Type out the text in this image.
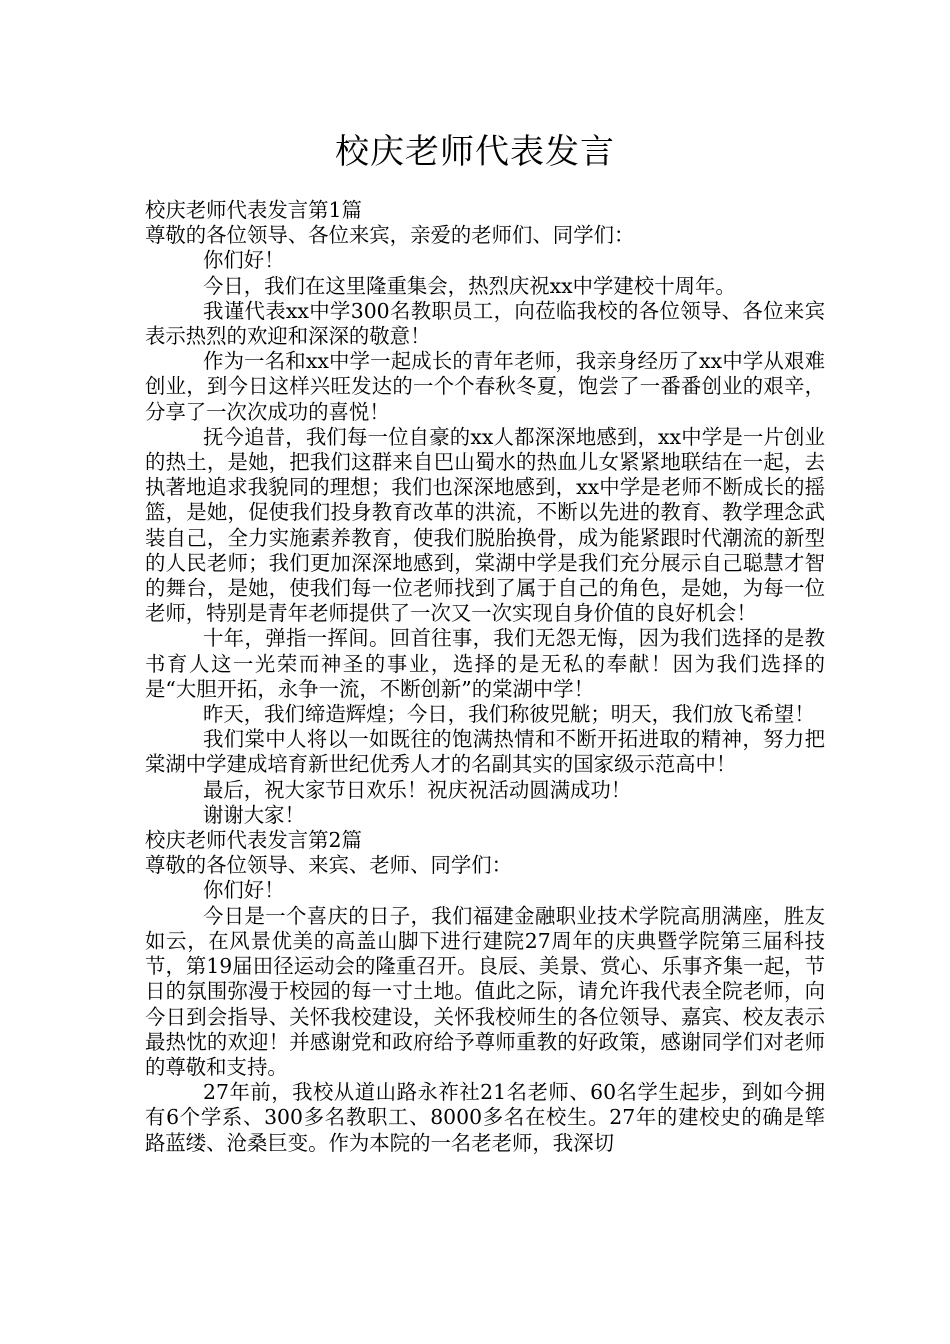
校庆老师代表发言

校庆老师代表发言第1篇

尊敬的各位领导、各位来宾，亲爱的老师们、同学们：

你们好！

今日，我们在这里隆重集会，热烈庆祝xx中学建校十周年。

我谨代表xx中学300名教职员工，向莅临我校的各位领导、各位来宾表示热烈的欢迎和深深的敬意！

作为一名和xx中学一起成长的青年老师，我亲身经历了xx中学从艰难创业，到今日这样兴旺发达的一个个春秋冬夏，饱尝了一番番创业的艰辛，分享了一次次成功的喜悦！

抚今追昔，我们每一位自豪的xx人都深深地感到，xx中学是一片创业的热土，是她，把我们这群来自巴山蜀水的热血儿女紧紧地联结在一起，去执著地追求我貌同的理想；我们也深深地感到，xx中学是老师不断成长的摇篮，是她，促使我们投身教育改革的洪流，不断以先进的教育、教学理念武装自己，全力实施素养教育，使我们脱胎换骨，成为能紧跟时代潮流的新型的人民老师；我们更加深深地感到，棠湖中学是我们充分展示自己聪慧才智的舞台，是她，使我们每一位老师找到了属于自己的角色，是她，为每一位老师，特别是青年老师提供了一次又一次实现自身价值的良好机会！

十年，弹指一挥间。回首往事，我们无怨无悔，因为我们选择的是教书育人这一光荣而神圣的事业，选择的是无私的奉献！因为我们选择的是“大胆开拓，永争一流，不断创新”的棠湖中学！

昨天，我们缔造辉煌；今日，我们称彼兕觥；明天，我们放飞希望！

我们棠中人将以一如既往的饱满热情和不断开拓进取的精神，努力把棠湖中学建成培育新世纪优秀人才的名副其实的国家级示范高中！

最后，祝大家节日欢乐！祝庆祝活动圆满成功！

谢谢大家！

校庆老师代表发言第2篇

尊敬的各位领导、来宾、老师、同学们：

你们好！

今日是一个喜庆的日子，我们福建金融职业技术学院高朋满座，胜友如云，在风景优美的高盖山脚下进行建院27周年的庆典暨学院第三届科技节，第19届田径运动会的隆重召开。良辰、美景、赏心、乐事齐集一起，节日的氛围弥漫于校园的每一寸土地。值此之际，请允许我代表全院老师，向今日到会指导、关怀我校建设，关怀我校师生的各位领导、嘉宾、校友表示最热忱的欢迎！并感谢党和政府给予尊师重教的好政策，感谢同学们对老师的尊敬和支持。

27年前，我校从道山路永祚社21名老师、60名学生起步，到如今拥有6个学系、300多名教职工、8000多名在校生。27年的建校史的确是筚路蓝缕、沧桑巨变。作为本院的一名老老师，我深切
